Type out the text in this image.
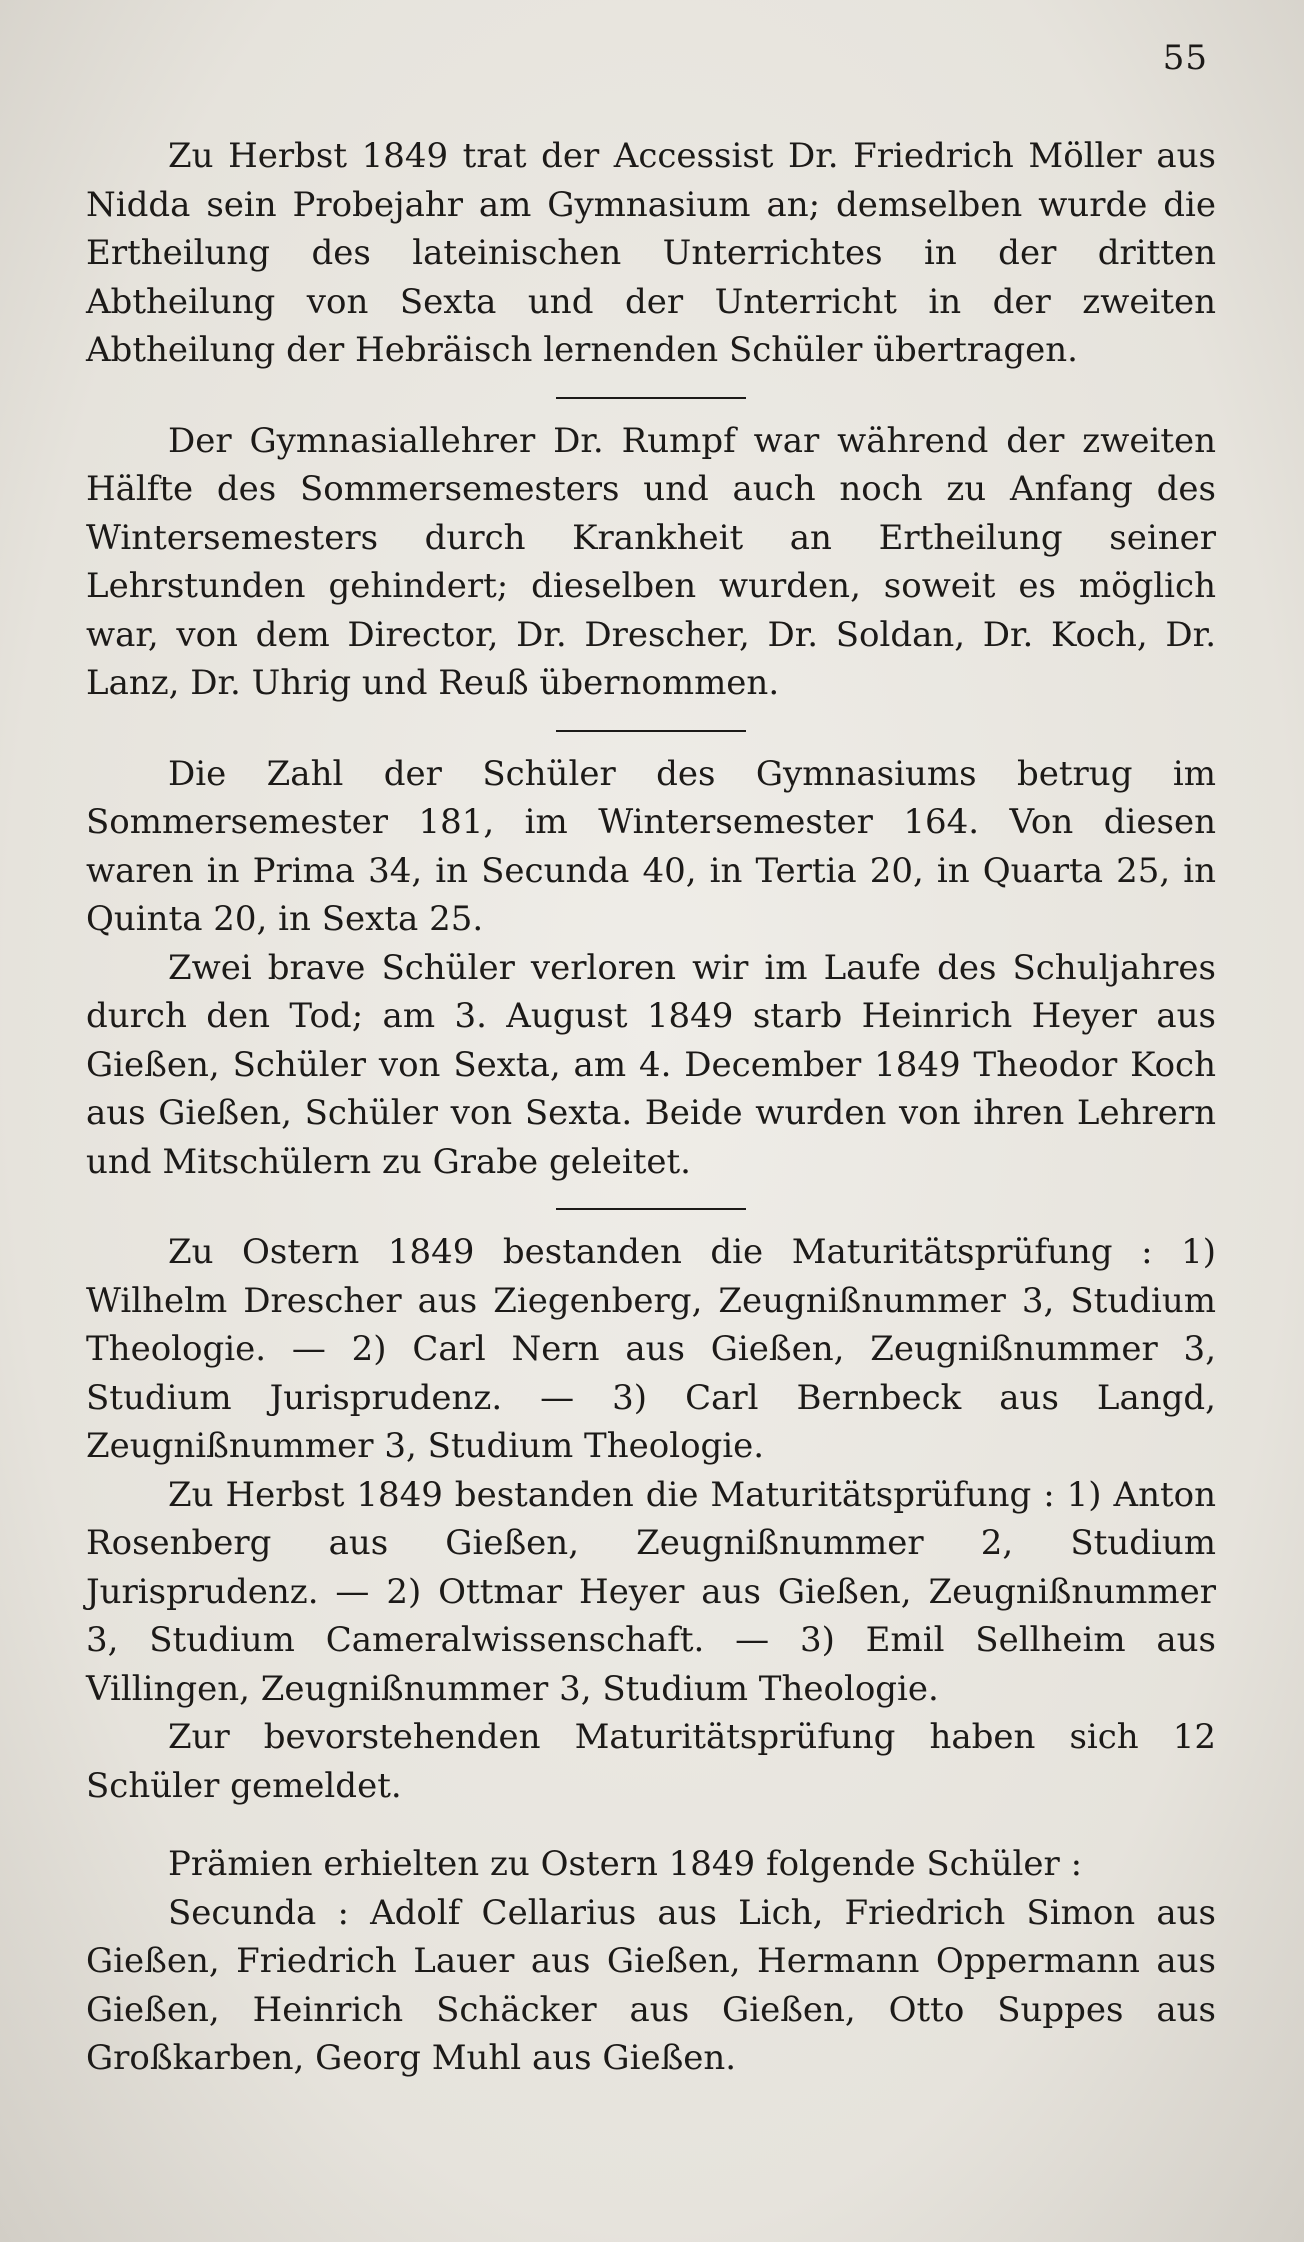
55

Zu Herbst 1849 trat der Accessist Dr. Friedrich Möller aus Nidda sein Probejahr am Gymnasium an; demselben wurde die Ertheilung des lateinischen Unterrichtes in der dritten Abtheilung von Sexta und der Unterricht in der zweiten Abtheilung der Hebräisch lernenden Schüler übertragen.

Der Gymnasiallehrer Dr. Rumpf war während der zweiten Hälfte des Sommersemesters und auch noch zu Anfang des Wintersemesters durch Krankheit an Ertheilung seiner Lehrstunden gehindert; dieselben wurden, soweit es möglich war, von dem Director, Dr. Drescher, Dr. Soldan, Dr. Koch, Dr. Lanz, Dr. Uhrig und Reuß übernommen.

Die Zahl der Schüler des Gymnasiums betrug im Sommersemester 181, im Wintersemester 164. Von diesen waren in Prima 34, in Secunda 40, in Tertia 20, in Quarta 25, in Quinta 20, in Sexta 25.

Zwei brave Schüler verloren wir im Laufe des Schuljahres durch den Tod; am 3. August 1849 starb Heinrich Heyer aus Gießen, Schüler von Sexta, am 4. December 1849 Theodor Koch aus Gießen, Schüler von Sexta. Beide wurden von ihren Lehrern und Mitschülern zu Grabe geleitet.

Zu Ostern 1849 bestanden die Maturitätsprüfung : 1) Wilhelm Drescher aus Ziegenberg, Zeugnißnummer 3, Studium Theologie. — 2) Carl Nern aus Gießen, Zeugnißnummer 3, Studium Jurisprudenz. — 3) Carl Bernbeck aus Langd, Zeugnißnummer 3, Studium Theologie.

Zu Herbst 1849 bestanden die Maturitätsprüfung : 1) Anton Rosenberg aus Gießen, Zeugnißnummer 2, Studium Jurisprudenz. — 2) Ottmar Heyer aus Gießen, Zeugnißnummer 3, Studium Cameralwissenschaft. — 3) Emil Sellheim aus Villingen, Zeugnißnummer 3, Studium Theologie.

Zur bevorstehenden Maturitätsprüfung haben sich 12 Schüler gemeldet.

Prämien erhielten zu Ostern 1849 folgende Schüler :

Secunda : Adolf Cellarius aus Lich, Friedrich Simon aus Gießen, Friedrich Lauer aus Gießen, Hermann Oppermann aus Gießen, Heinrich Schäcker aus Gießen, Otto Suppes aus Großkarben, Georg Muhl aus Gießen.
